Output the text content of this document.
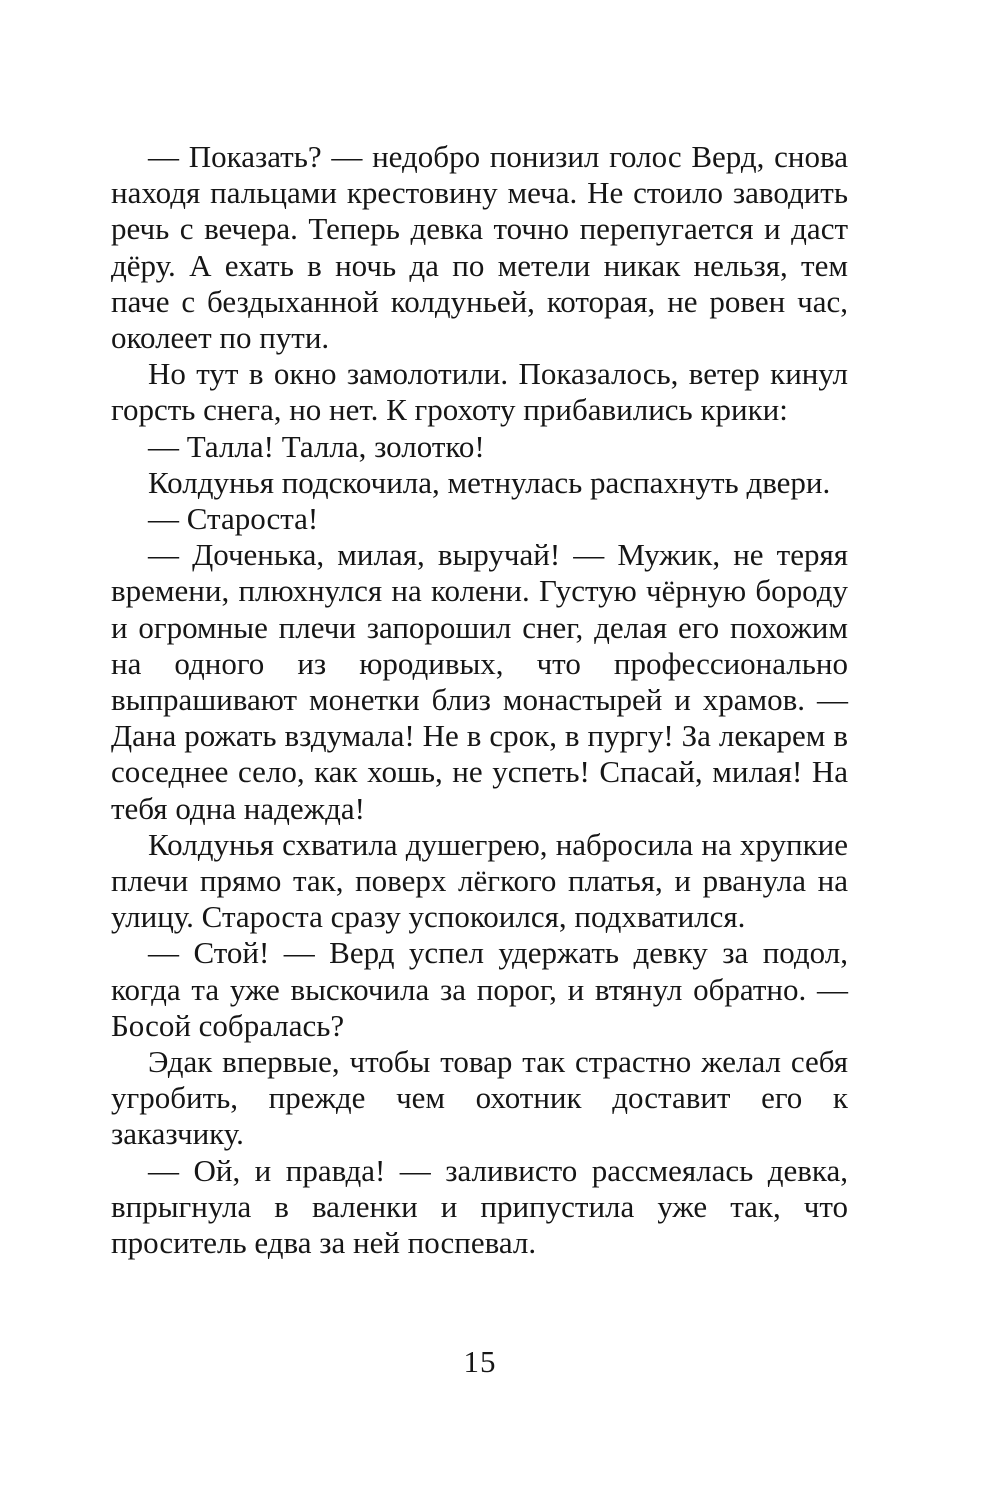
— Показать? — недобро понизил голос Верд, снова находя пальцами крестовину меча. Не стоило заводить речь с вечера. Теперь девка точно перепугается и даст дёру. А ехать в ночь да по метели никак нельзя, тем паче с бездыханной колдуньей, которая, не ровен час, околеет по пути.

Но тут в окно замолотили. Показалось, ветер кинул горсть снега, но нет. К грохоту прибавились крики:

— Талла! Талла, золотко!

Колдунья подскочила, метнулась распахнуть двери.

— Староста!

— Доченька, милая, выручай! — Мужик, не теряя времени, плюхнулся на колени. Густую чёрную бороду и огромные плечи запорошил снег, делая его похожим на одного из юродивых, что профессионально выпрашивают монетки близ монастырей и храмов. — Дана рожать вздумала! Не в срок, в пургу! За лекарем в соседнее село, как хошь, не успеть! Спасай, милая! На тебя одна надежда!

Колдунья схватила душегрею, набросила на хрупкие плечи прямо так, поверх лёгкого платья, и рванула на улицу. Староста сразу успокоился, подхватился.

— Стой! — Верд успел удержать девку за подол, когда та уже выскочила за порог, и втянул обратно. — Босой собралась?

Эдак впервые, чтобы товар так страстно желал себя угробить, прежде чем охотник доставит его к заказчику.

— Ой, и правда! — заливисто рассмеялась девка, впрыгнула в валенки и припустила уже так, что проситель едва за ней поспевал.

15
